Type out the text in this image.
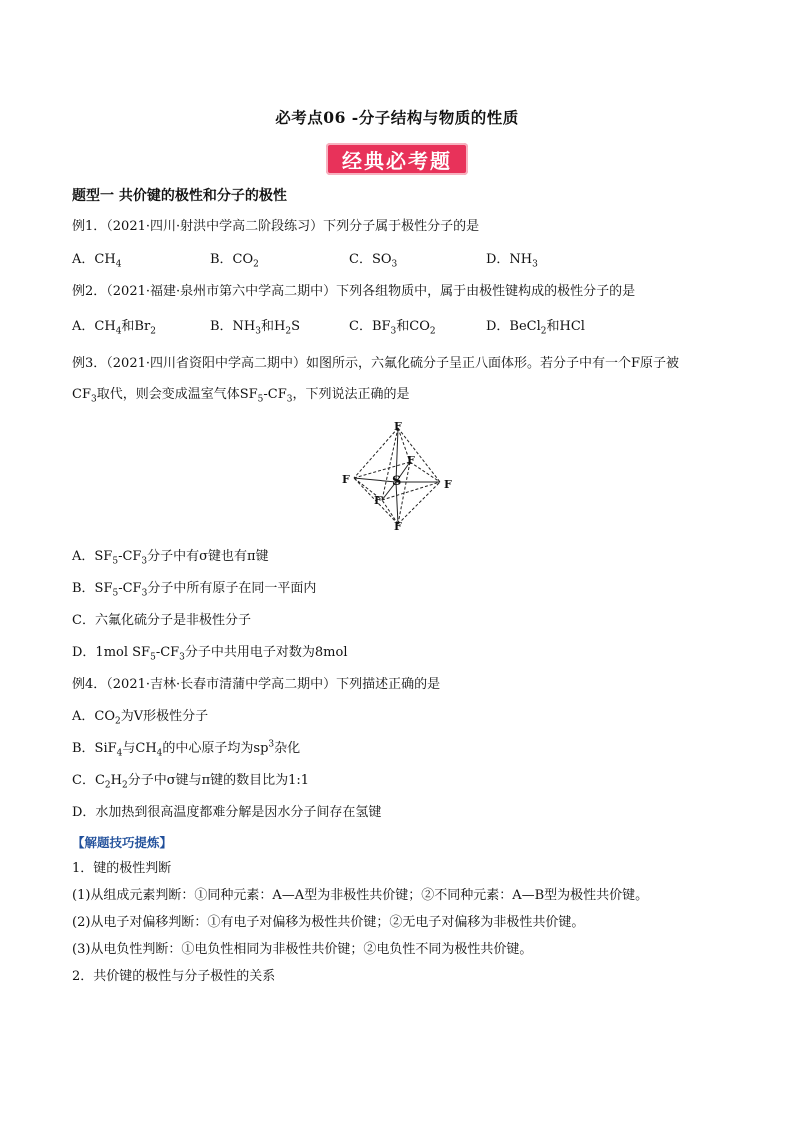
必考点06 -分子结构与物质的性质
经典必考题
题型一 共价键的极性和分子的极性
例1．（2021·四川·射洪中学高二阶段练习）下列分子属于极性分子的是
A．$CH_4$	B．$CO_2$	C．$SO_3$	D．$NH_3$
例2．（2021·福建·泉州市第六中学高二期中）下列各组物质中，属于由极性键构成的极性分子的是
A．$CH_4$和$Br_2$	B．$NH_3$和$H_2S$	C．$BF_3$和$CO_2$	D．BeCl$_2$和HCl
例3．（2021·四川省资阳中学高二期中）如图所示，六氟化硫分子呈正八面体形。若分子中有一个F原子被
$CF_3$取代，则会变成温室气体$SF_5-CF_3$，下列说法正确的是
F
F
F	F
F
F
S
A．$SF_5-CF_3$分子中有σ键也有π键
B．$SF_5-CF_3$分子中所有原子在同一平面内
C．六氟化硫分子是非极性分子
D．1mol $SF_5-CF_3$分子中共用电子对数为8mol
例4．（2021·吉林·长春市清蒲中学高二期中）下列描述正确的是
A．$CO_2$为V形极性分子
B．SiF$_4$与$CH_4$的中心原子均为$sp^3$杂化
C．$C_2H_2$分子中σ键与π键的数目比为1:1
D．水加热到很高温度都难分解是因水分子间存在氢键
【解题技巧提炼】
1．键的极性判断
(1)从组成元素判断：①同种元素：A—A型为非极性共价键；②不同种元素：A—B型为极性共价键。
(2)从电子对偏移判断：①有电子对偏移为极性共价键；②无电子对偏移为非极性共价键。
(3)从电负性判断：①电负性相同为非极性共价键；②电负性不同为极性共价键。
2．共价键的极性与分子极性的关系
